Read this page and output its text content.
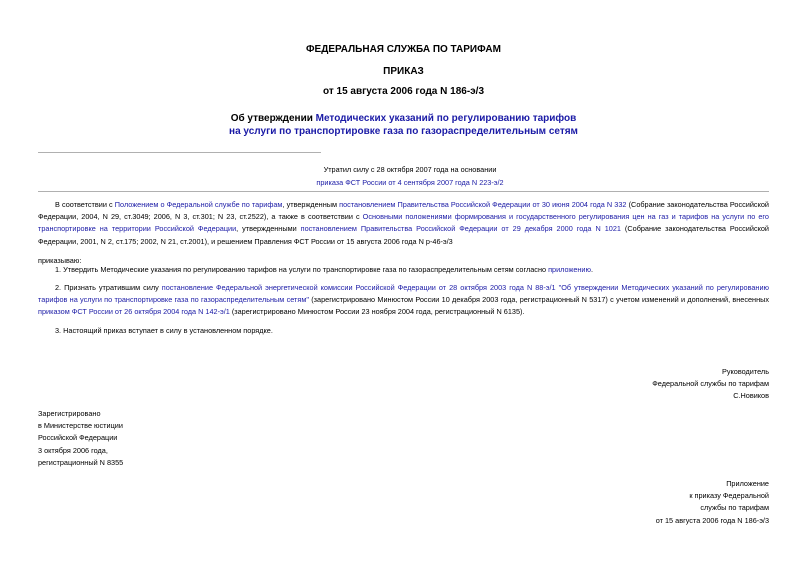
ФЕДЕРАЛЬНАЯ СЛУЖБА ПО ТАРИФАМ
ПРИКАЗ
от 15 августа 2006 года N 186-э/3
Об утверждении Методических указаний по регулированию тарифов
на услуги по транспортировке газа по газораспределительным сетям
Утратил силу с 28 октября 2007 года на основании
приказа ФСТ России от 4 сентября 2007 года N 223-э/2
В соответствии с Положением о Федеральной службе по тарифам, утвержденным постановлением Правительства Российской Федерации от 30 июня 2004 года N 332 (Собрание законодательства Российской Федерации, 2004, N 29, ст.3049; 2006, N 3, ст.301; N 23, ст.2522), а также в соответствии с Основными положениями формирования и государственного регулирования цен на газ и тарифов на услуги по его транспортировке на территории Российской Федерации, утвержденными постановлением Правительства Российской Федерации от 29 декабря 2000 года N 1021 (Собрание законодательства Российской Федерации, 2001, N 2, ст.175; 2002, N 21, ст.2001), и решением Правления ФСТ России от 15 августа 2006 года N р-46-э/3
приказываю:
1. Утвердить Методические указания по регулированию тарифов на услуги по транспортировке газа по газораспределительным сетям согласно приложению.
2. Признать утратившим силу постановление Федеральной энергетической комиссии Российской Федерации от 28 октября 2003 года N 88-э/1 "Об утверждении Методических указаний по регулированию тарифов на услуги по транспортировке газа по газораспределительным сетям" (зарегистрировано Минюстом России 10 декабря 2003 года, регистрационный N 5317) с учетом изменений и дополнений, внесенных приказом ФСТ России от 26 октября 2004 года N 142-э/1 (зарегистрировано Минюстом России 23 ноября 2004 года, регистрационный N 6135).
3. Настоящий приказ вступает в силу в установленном порядке.
Руководитель
Федеральной службы по тарифам
С.Новиков
Зарегистрировано
в Министерстве юстиции
Российской Федерации
3 октября 2006 года,
регистрационный N 8355
Приложение
к приказу Федеральной
службы по тарифам
от 15 августа 2006 года N 186-э/3
